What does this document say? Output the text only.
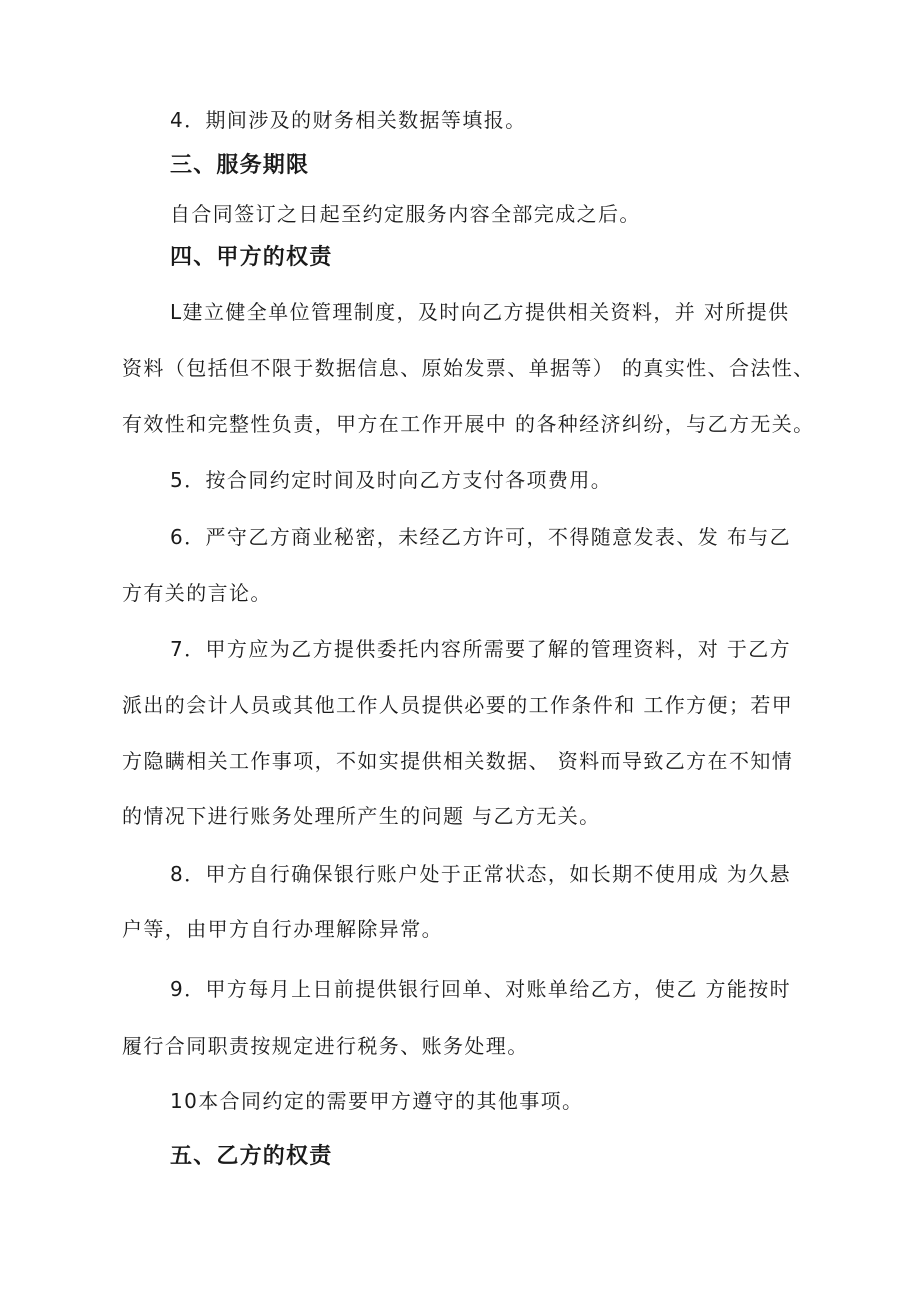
4．期间涉及的财务相关数据等填报。
三、服务期限
自合同签订之日起至约定服务内容全部完成之后。
四、甲方的权责
L建立健全单位管理制度，及时向乙方提供相关资料，并 对所提供
资料（包括但不限于数据信息、原始发票、单据等） 的真实性、合法性、
有效性和完整性负责，甲方在工作开展中 的各种经济纠纷，与乙方无关。
5．按合同约定时间及时向乙方支付各项费用。
6．严守乙方商业秘密，未经乙方许可，不得随意发表、发 布与乙
方有关的言论。
7．甲方应为乙方提供委托内容所需要了解的管理资料，对 于乙方
派出的会计人员或其他工作人员提供必要的工作条件和 工作方便；若甲
方隐瞒相关工作事项，不如实提供相关数据、 资料而导致乙方在不知情
的情况下进行账务处理所产生的问题 与乙方无关。
8．甲方自行确保银行账户处于正常状态，如长期不使用成 为久悬
户等，由甲方自行办理解除异常。
9．甲方每月上日前提供银行回单、对账单给乙方，使乙 方能按时
履行合同职责按规定进行税务、账务处理。
10本合同约定的需要甲方遵守的其他事项。
五、乙方的权责
